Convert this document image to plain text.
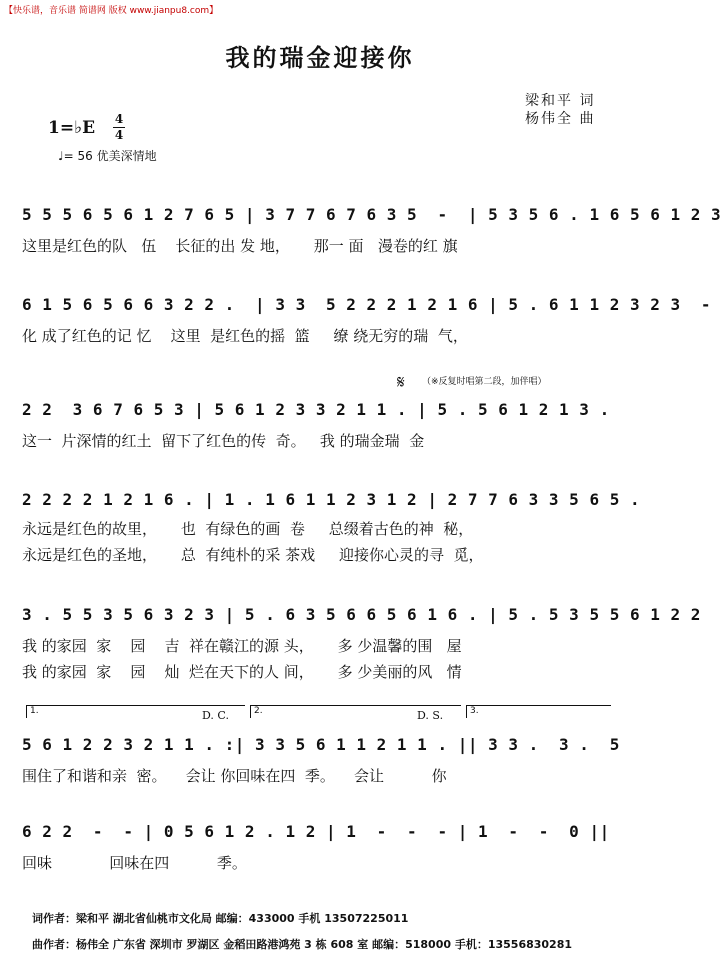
【快乐谱，音乐谱 简谱网 版权 www.jianpu8.com】
我的瑞金迎接你
梁和平 词
杨伟全 曲
1=♭E 4
4
♩= 56 优美深情地
5 5 5 6 5 6 1 2 7 6 5 | 3 7 7 6 7 6 3 5  -  | 5 3 5 6 . 1 6 5 6 1 2 3
这里是红色的队   伍    长征的出 发 地，     那一 面   漫卷的红 旗
6 1 5 6 5 6 6 3 2 2 .  | 3 3  5 2 2 2 1 2 1 6 | 5 . 6 1 1 2 3 2 3  -
化 成了红色的记 忆    这里  是红色的摇  篮     缭 绕无穷的瑞  气，
𝄋 （※反复时唱第二段，加伴唱）
2 2  3 6 7 6 5 3 | 5 6 1 2 3 3 2 1 1 . | 5 . 5 6 1 2 1 3 .
这一  片深情的红土  留下了红色的传  奇。   我 的瑞金瑞  金
2 2 2 2 1 2 1 6 . | 1 . 1 6 1 1 2 3 1 2 | 2 7 7 6 3 3 5 6 5 .
永远是红色的故里，     也  有绿色的画  卷     总缀着古色的神  秘，
永远是红色的圣地，     总  有纯朴的采 茶戏     迎接你心灵的寻  觅，
3 . 5 5 3 5 6 3 2 3 | 5 . 6 3 5 6 6 5 6 1 6 . | 5 . 5 3 5 5 6 1 2 2
我 的家园  家    园    吉  祥在赣江的源 头，     多 少温馨的围   屋
我 的家园  家    园    灿  烂在天下的人 间，     多 少美丽的风   情
1.	2.	3.
D. C.	D. S.
5 6 1 2 2 3 2 1 1 . :| 3 3 5 6 1 1 2 1 1 . || 3 3 .  3 .  5
围住了和谐和亲  密。    会让 你回味在四  季。    会让          你
6 2 2  -  - | 0 5 6 1 2 . 1 2 | 1  -  -  - | 1  -  -  0 ||
回味            回味在四          季。
词作者：梁和平 湖北省仙桃市文化局 邮编：433000 手机 13507225011
曲作者：杨伟全 广东省 深圳市 罗湖区 金稻田路港鸿苑 3 栋 608 室 邮编：518000 手机：13556830281
